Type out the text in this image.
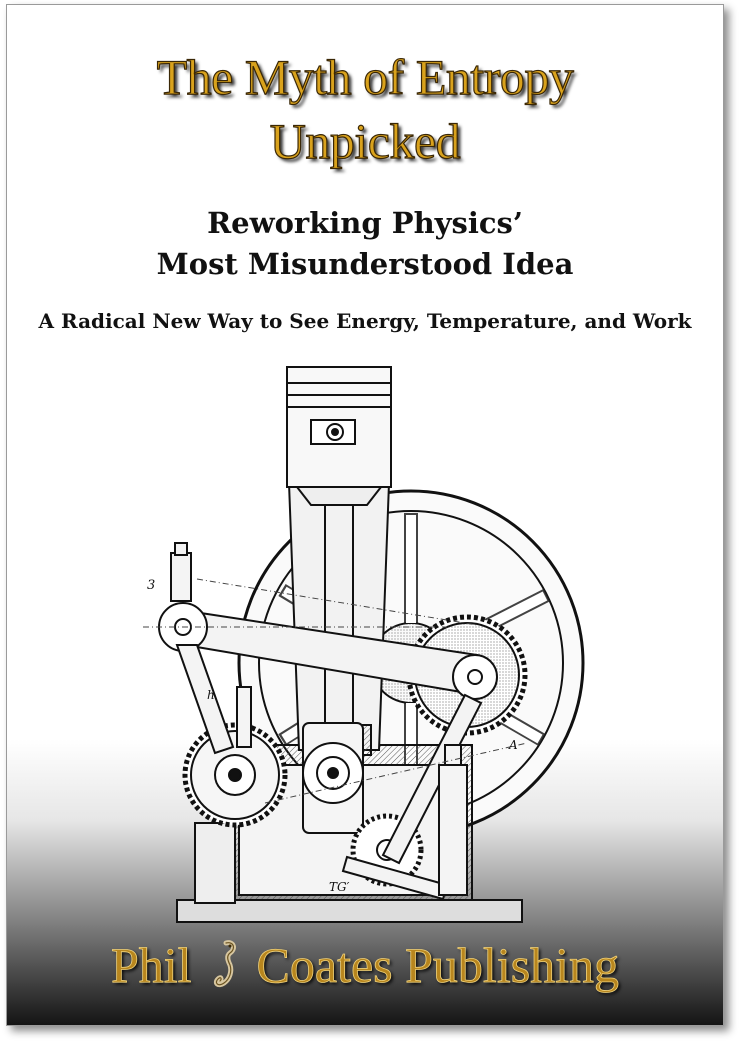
The Myth of Entropy
Unpicked
Reworking Physics’
Most Misunderstood Idea
A Radical New Way to See Energy, Temperature, and Work
3
A
h
TG′
Phil Coates Publishing
